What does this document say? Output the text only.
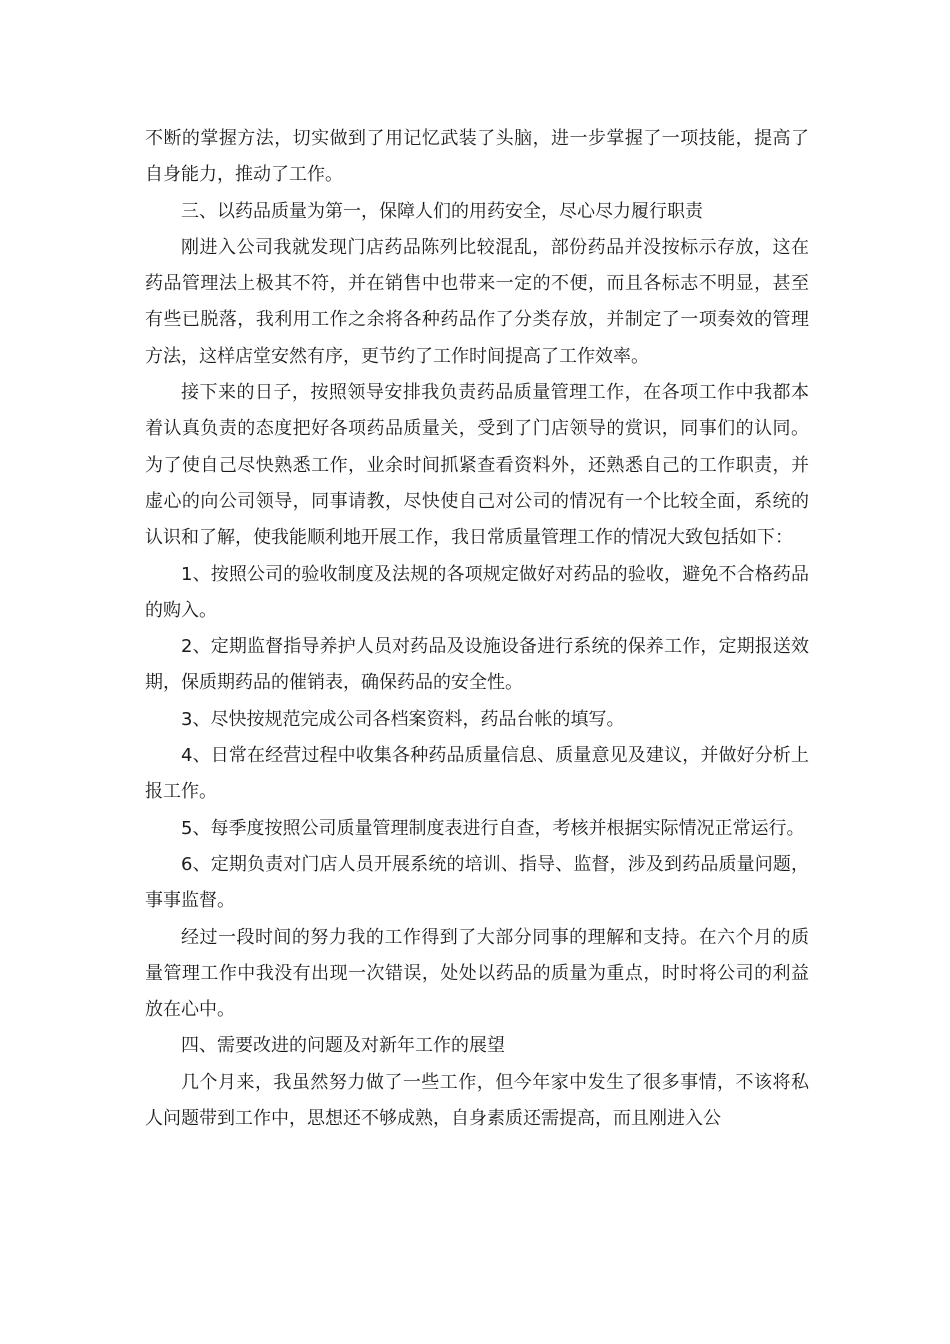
不断的掌握方法，切实做到了用记忆武装了头脑，进一步掌握了一项技能，提高了自身能力，推动了工作。

三、以药品质量为第一，保障人们的用药安全，尽心尽力履行职责

刚进入公司我就发现门店药品陈列比较混乱，部份药品并没按标示存放，这在药品管理法上极其不符，并在销售中也带来一定的不便，而且各标志不明显，甚至有些已脱落，我利用工作之余将各种药品作了分类存放，并制定了一项奏效的管理方法，这样店堂安然有序，更节约了工作时间提高了工作效率。

接下来的日子，按照领导安排我负责药品质量管理工作，在各项工作中我都本着认真负责的态度把好各项药品质量关，受到了门店领导的赏识，同事们的认同。为了使自己尽快熟悉工作，业余时间抓紧查看资料外，还熟悉自己的工作职责，并虚心的向公司领导，同事请教，尽快使自己对公司的情况有一个比较全面，系统的认识和了解，使我能顺利地开展工作，我日常质量管理工作的情况大致包括如下：

1、按照公司的验收制度及法规的各项规定做好对药品的验收，避免不合格药品的购入。

2、定期监督指导养护人员对药品及设施设备进行系统的保养工作，定期报送效期，保质期药品的催销表，确保药品的安全性。

3、尽快按规范完成公司各档案资料，药品台帐的填写。

4、日常在经营过程中收集各种药品质量信息、质量意见及建议，并做好分析上报工作。

5、每季度按照公司质量管理制度表进行自查，考核并根据实际情况正常运行。

6、定期负责对门店人员开展系统的培训、指导、监督，涉及到药品质量问题，事事监督。

经过一段时间的努力我的工作得到了大部分同事的理解和支持。在六个月的质量管理工作中我没有出现一次错误，处处以药品的质量为重点，时时将公司的利益放在心中。

四、需要改进的问题及对新年工作的展望

几个月来，我虽然努力做了一些工作，但今年家中发生了很多事情，不该将私人问题带到工作中，思想还不够成熟，自身素质还需提高，而且刚进入公
